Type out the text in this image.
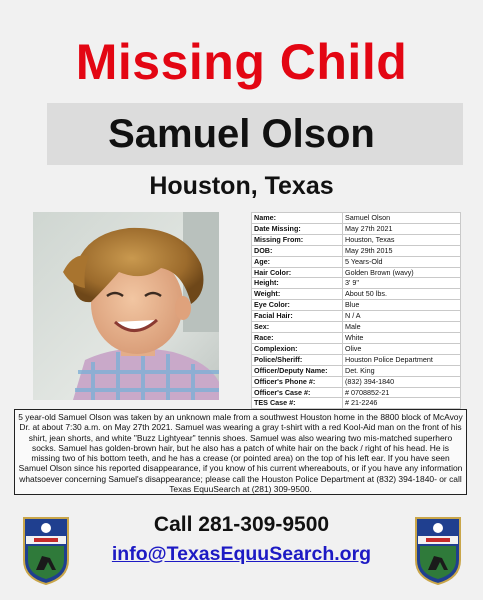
Missing Child
Samuel Olson
Houston, Texas
Name:	Samuel Olson
Date Missing:	May 27th 2021
Missing From:	Houston, Texas
DOB:	May 29th 2015
Age:	5 Years-Old
Hair Color:	Golden Brown (wavy)
Height:	3' 9"
Weight:	About 50 lbs.
Eye Color:	Blue
Facial Hair:	N / A
Sex:	Male
Race:	White
Complexion:	Olive
Police/Sheriff:	Houston Police Department
Officer/Deputy Name:	Det. King
Officer's Phone #:	(832) 394-1840
Officer's Case #:	# 0708852-21
TES Case #:	# 21-2246
5 year-old Samuel Olson was taken by an unknown male from a southwest Houston home in the 8800 block of McAvoy Dr. at about 7:30 a.m. on May 27th 2021. Samuel was wearing a gray t-shirt with a red Kool-Aid man on the front of his shirt, jean shorts, and white "Buzz Lightyear" tennis shoes. Samuel was also wearing two mis-matched superhero socks. Samuel has golden-brown hair, but he also has a patch of white hair on the back / right of his head. He is missing two of his bottom teeth, and he has a crease (or pointed area) on the top of his left ear. If you have seen Samuel Olson since his reported disappearance, if you know of his current whereabouts, or if you have any information whatsoever concerning Samuel's disappearance; please call the Houston Police Department at (832) 394-1840- or call Texas EquuSearch at (281) 309-9500.
Call 281-309-9500
info@TexasEquuSearch.org
